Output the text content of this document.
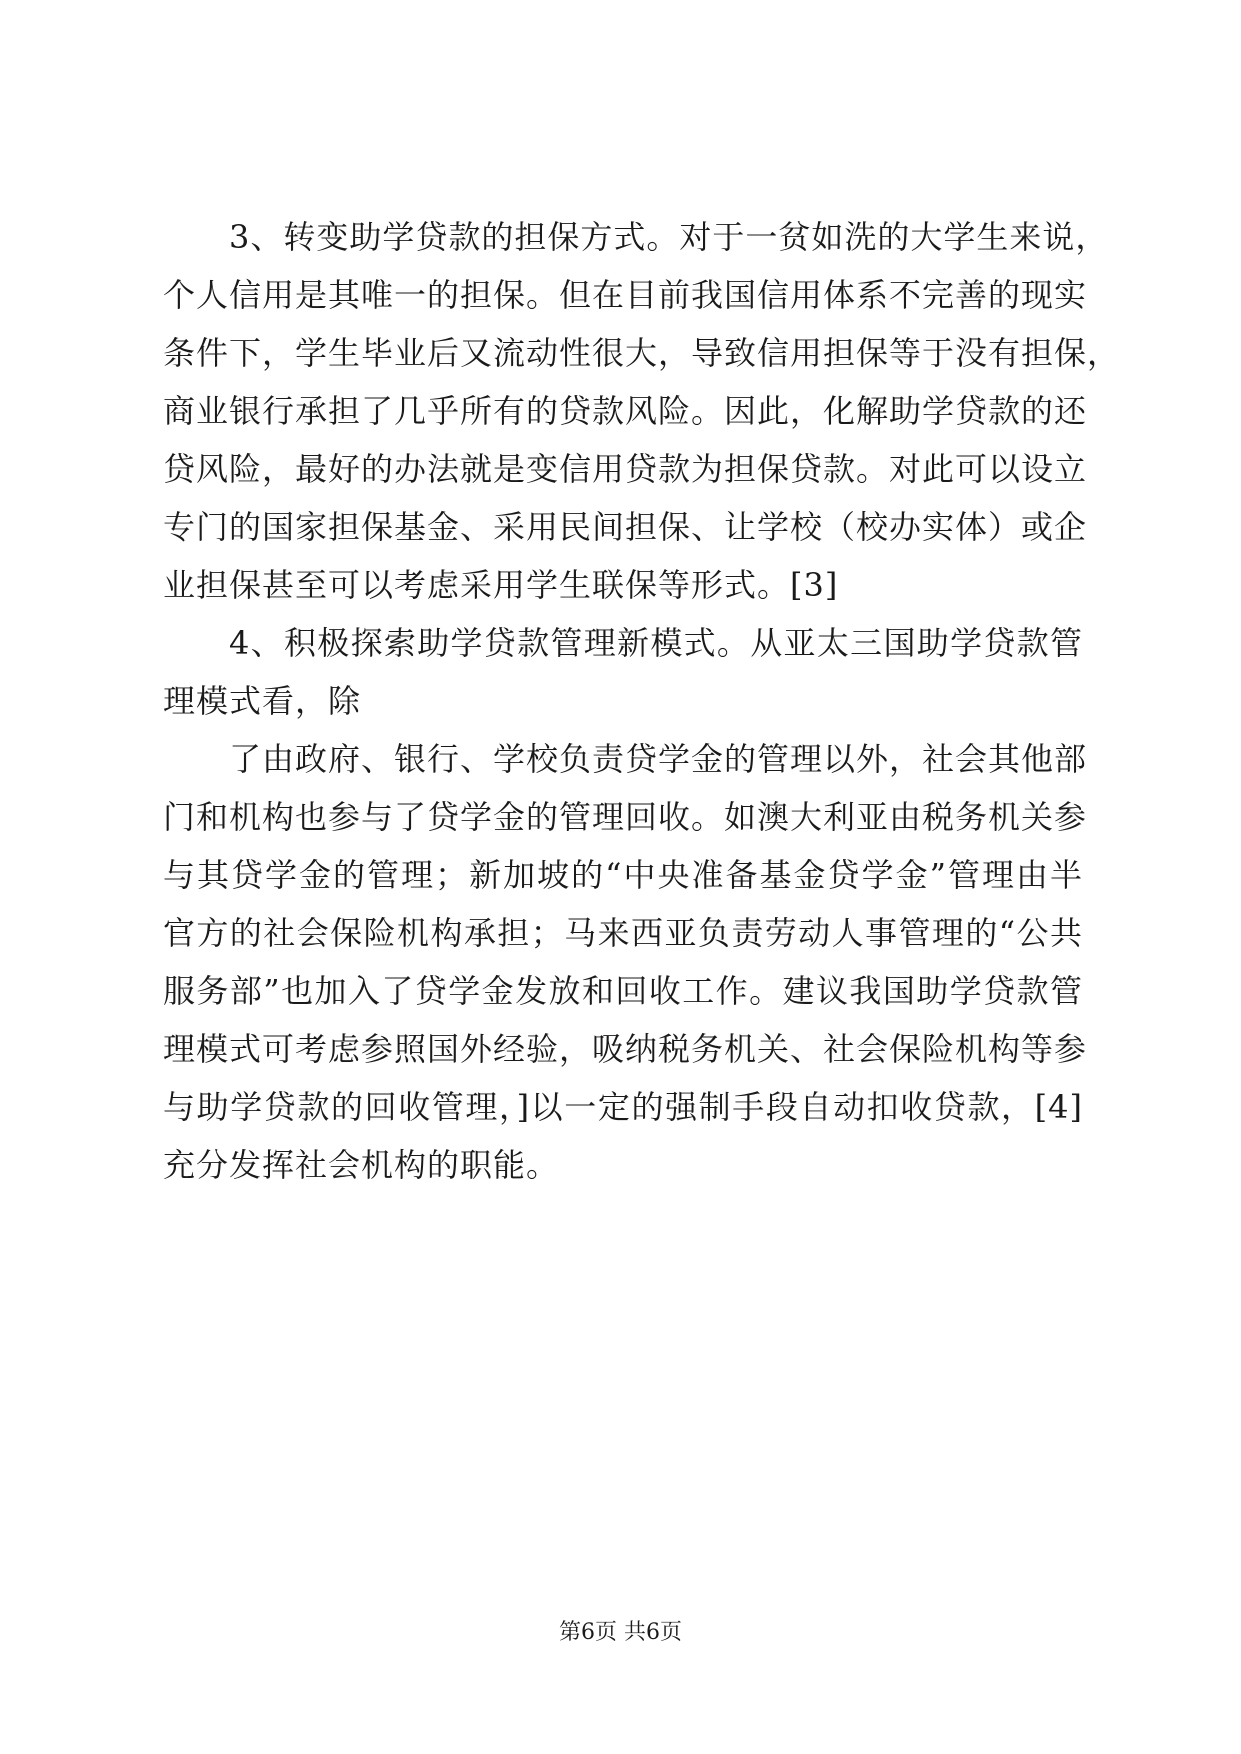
3、转变助学贷款的担保方式。对于一贫如洗的大学生来说，
个人信用是其唯一的担保。但在目前我国信用体系不完善的现实
条件下，学生毕业后又流动性很大，导致信用担保等于没有担保，
商业银行承担了几乎所有的贷款风险。因此，化解助学贷款的还
贷风险，最好的办法就是变信用贷款为担保贷款。对此可以设立
专门的国家担保基金、采用民间担保、让学校（校办实体）或企
业担保甚至可以考虑采用学生联保等形式。[3]
4、积极探索助学贷款管理新模式。从亚太三国助学贷款管
理模式看，除
了由政府、银行、学校负责贷学金的管理以外，社会其他部
门和机构也参与了贷学金的管理回收。如澳大利亚由税务机关参
与其贷学金的管理；新加坡的“中央准备基金贷学金”管理由半
官方的社会保险机构承担；马来西亚负责劳动人事管理的“公共
服务部”也加入了贷学金发放和回收工作。建议我国助学贷款管
理模式可考虑参照国外经验，吸纳税务机关、社会保险机构等参
与助学贷款的回收管理，]以一定的强制手段自动扣收贷款，[4]
充分发挥社会机构的职能。
第6页 共6页
